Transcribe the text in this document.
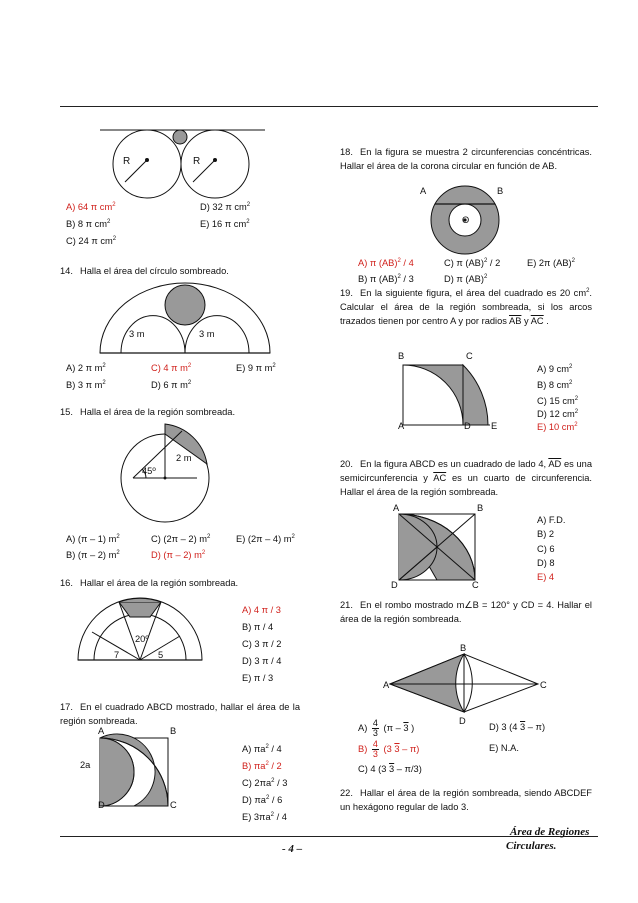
R	R
A) 64 π $cm^2$
B) 8 π $cm^2$
C) 24 π $cm^2$
D) 32 π $cm^2$
E) 16 π $cm^2$
14. Halla el área del círculo sombreado.
3 m	3 m
A) 2 π $m^2$
B) 3 π $m^2$
C) 4 π $m^2$
D) 6 π $m^2$
E) 9 π $m^2$
15. Halla el área de la región sombreada.
45º
2 m
A) (π – 1) $m^2$
B) (π – 2) $m^2$
C) (2π – 2) $m^2$
D) (π – 2) $m^2$
E) (2π – 4) $m^2$
16. Hallar el área de la región sombreada.
20º
7	5
A) 4 π / 3
B) π / 4
C) 3 π / 2
D) 3 π / 4
E) π / 3
17. En el cuadrado ABCD mostrado, hallar el área de la región sombreada.
A	B
D	C
2a
A) $\pi a^2 / 4$
B) $\pi a^2 / 2$
C) $2\pi a^2 / 3$
D) $\pi a^2 / 6$
E) $3\pi a^2 / 4$
18. En la figura se muestra 2 circunferencias concéntricas. Hallar el área de la corona circular en función de AB.
A	B
O
A) π (AB)$^2$ / 4
B) π (AB)$^2$ / 3
C) π (AB)$^2$ / 2
D) π (AB)$^2$
E) 2π (AB)$^2$
19. En la siguiente figura, el área del cuadrado es 20 $cm^2$. Calcular el área de la región sombreada, si los arcos trazados tienen por centro A y por radios $\overline{AB}$ y $\overline{AC}$ .
B	C
A	D E
A) 9 $cm^2$
B) 8 $cm^2$
C) 15 $cm^2$
D) 12 $cm^2$
E) 10 $cm^2$
20. En la figura ABCD es un cuadrado de lado 4, $\overline{AD}$ es una semicircunferencia y $\overline{AC}$ es un cuarto de circunferencia. Hallar el área de la región sombreada.
A	B
D	C
A) F.D.
B) 2
C) 6
D) 8
E) 4
21. En el rombo mostrado m∠B = 120° y CD = 4. Hallar el área de la región sombreada.
B
A	C
D
$A) \frac{4}{3} (\pi - 3$ )
$B) \frac{4}{3} (3$ 3 – π)
C) 4 (3 3 – π/3)
D) 3 (4 3 – π)
E) N.A.
22. Hallar el área de la región sombreada, siendo ABCDEF un hexágono regular de lado 3.
- 4 –
Área de Regiones
Circulares.
